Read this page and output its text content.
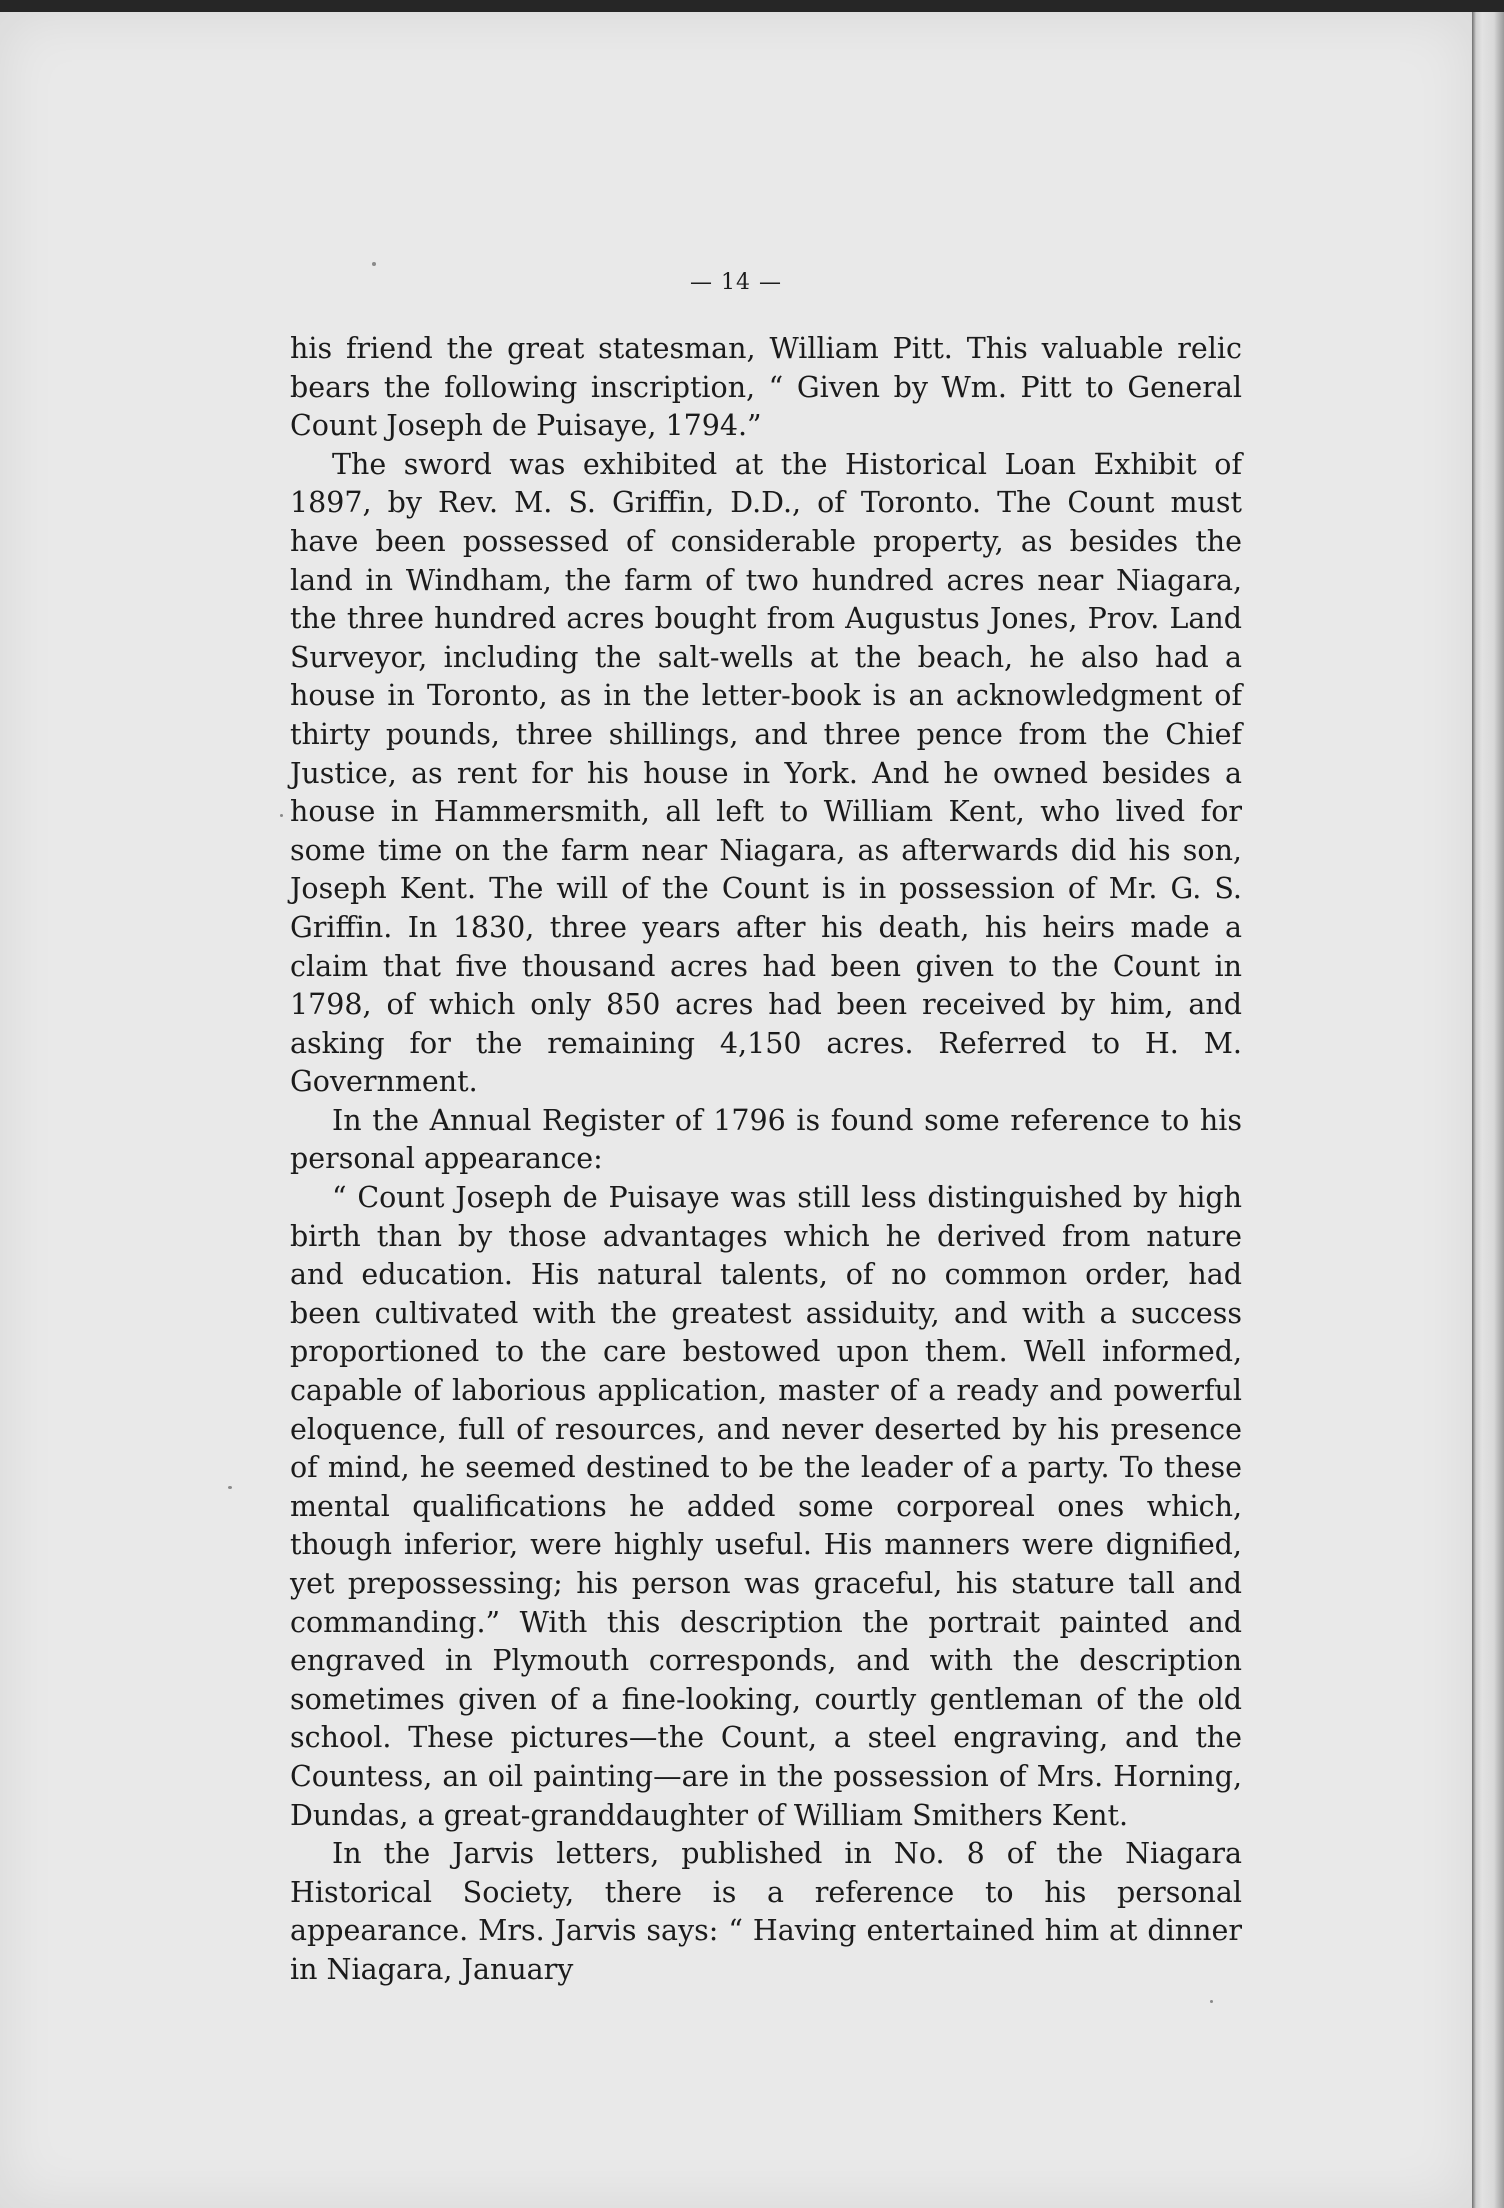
— 14 —

his friend the great statesman, William Pitt. This valuable relic bears the following inscription, “ Given by Wm. Pitt to General Count Joseph de Puisaye, 1794.”

The sword was exhibited at the Historical Loan Exhibit of 1897, by Rev. M. S. Griffin, D.D., of Toronto. The Count must have been possessed of considerable property, as besides the land in Windham, the farm of two hundred acres near Niagara, the three hundred acres bought from Augustus Jones, Prov. Land Surveyor, including the salt-wells at the beach, he also had a house in Toronto, as in the letter-book is an acknowledgment of thirty pounds, three shillings, and three pence from the Chief Justice, as rent for his house in York. And he owned besides a house in Hammersmith, all left to William Kent, who lived for some time on the farm near Niagara, as afterwards did his son, Joseph Kent. The will of the Count is in possession of Mr. G. S. Griffin. In 1830, three years after his death, his heirs made a claim that five thousand acres had been given to the Count in 1798, of which only 850 acres had been received by him, and asking for the remaining 4,150 acres. Referred to H. M. Government.

In the Annual Register of 1796 is found some reference to his personal appearance:

“ Count Joseph de Puisaye was still less distinguished by high birth than by those advantages which he derived from nature and education. His natural talents, of no common order, had been cultivated with the greatest assiduity, and with a success proportioned to the care bestowed upon them. Well informed, capable of laborious application, master of a ready and powerful eloquence, full of resources, and never deserted by his presence of mind, he seemed destined to be the leader of a party. To these mental qualifications he added some corporeal ones which, though inferior, were highly useful. His manners were dignified, yet prepossessing; his person was graceful, his stature tall and commanding.” With this description the portrait painted and engraved in Plymouth corresponds, and with the description sometimes given of a fine-looking, courtly gentleman of the old school. These pictures—the Count, a steel engraving, and the Countess, an oil painting—are in the possession of Mrs. Horning, Dundas, a great-granddaughter of William Smithers Kent.

In the Jarvis letters, published in No. 8 of the Niagara Historical Society, there is a reference to his personal appearance. Mrs. Jarvis says: “ Having entertained him at dinner in Niagara, January
